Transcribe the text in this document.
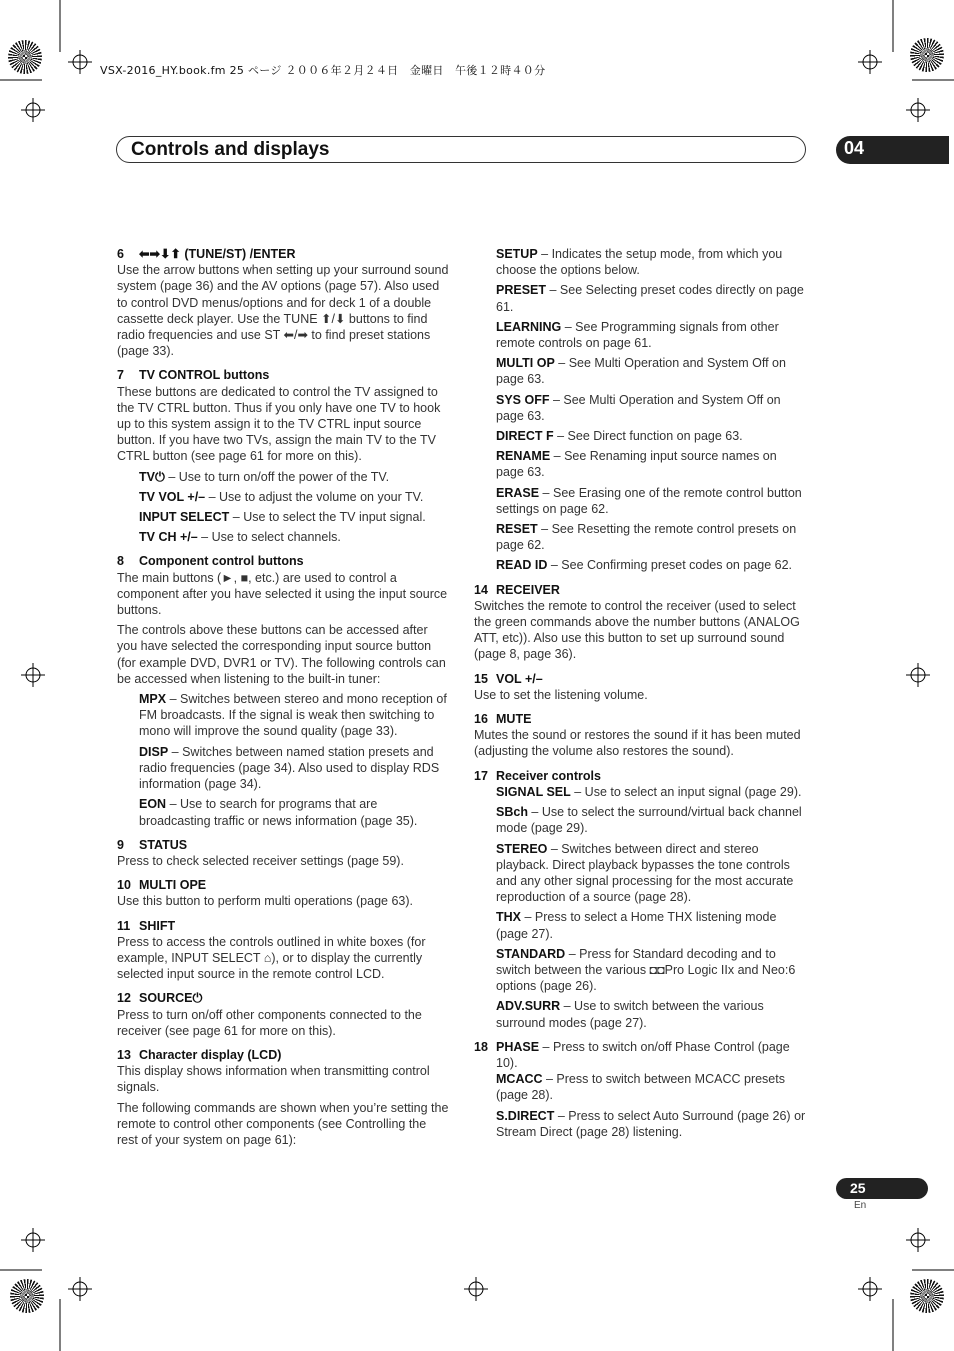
VSX-2016_HY.book.fm 25 ページ ２００６年２月２４日　金曜日　午後１２時４０分
Controls and displays	04
6 ⬅➡⬇⬆ (TUNE/ST) /ENTER

Use the arrow buttons when setting up your surround sound system (page 36) and the AV options (page 57). Also used to control DVD menus/options and for deck 1 of a double cassette deck player. Use the TUNE ⬆/⬇ buttons to find radio frequencies and use ST ⬅/➡ to find preset stations (page 33).

7 TV CONTROL buttons

These buttons are dedicated to control the TV assigned to the TV CTRL button. Thus if you only have one TV to hook up to this system assign it to the TV CTRL input source button. If you have two TVs, assign the main TV to the TV CTRL button (see page 61 for more on this).

TV⏻ – Use to turn on/off the power of the TV.

TV VOL +/– – Use to adjust the volume on your TV.

INPUT SELECT – Use to select the TV input signal.

TV CH +/– – Use to select channels.

8 Component control buttons

The main buttons (►, ■, etc.) are used to control a component after you have selected it using the input source buttons.

The controls above these buttons can be accessed after you have selected the corresponding input source button (for example DVD, DVR1 or TV). The following controls can be accessed when listening to the built-in tuner:

MPX – Switches between stereo and mono reception of FM broadcasts. If the signal is weak then switching to mono will improve the sound quality (page 33).

DISP – Switches between named station presets and radio frequencies (page 34). Also used to display RDS information (page 34).

EON – Use to search for programs that are broadcasting traffic or news information (page 35).

9 STATUS

Press to check selected receiver settings (page 59).

10 MULTI OPE

Use this button to perform multi operations (page 63).

11 SHIFT

Press to access the controls outlined in white boxes (for example, INPUT SELECT ⌂), or to display the currently selected input source in the remote control LCD.

12 SOURCE⏻

Press to turn on/off other components connected to the receiver (see page 61 for more on this).

13 Character display (LCD)

This display shows information when transmitting control signals.

The following commands are shown when you’re setting the remote to control other components (see Controlling the rest of your system on page 61):

SETUP – Indicates the setup mode, from which you choose the options below.

PRESET – See Selecting preset codes directly on page 61.

LEARNING – See Programming signals from other remote controls on page 61.

MULTI OP – See Multi Operation and System Off on page 63.

SYS OFF – See Multi Operation and System Off on page 63.

DIRECT F – See Direct function on page 63.

RENAME – See Renaming input source names on page 63.

ERASE – See Erasing one of the remote control button settings on page 62.

RESET – See Resetting the remote control presets on page 62.

READ ID – See Confirming preset codes on page 62.

14 RECEIVER

Switches the remote to control the receiver (used to select the green commands above the number buttons (ANALOG ATT, etc)). Also use this button to set up surround sound (page 8, page 36).

15 VOL +/–

Use to set the listening volume.

16 MUTE

Mutes the sound or restores the sound if it has been muted (adjusting the volume also restores the sound).

17 Receiver controls

SIGNAL SEL – Use to select an input signal (page 29).

SBch – Use to select the surround/virtual back channel mode (page 29).

STEREO – Switches between direct and stereo playback. Direct playback bypasses the tone controls and any other signal processing for the most accurate reproduction of a source (page 28).

THX – Press to select a Home THX listening mode (page 27).

STANDARD – Press for Standard decoding and to switch between the various ◘◘Pro Logic IIx and Neo:6 options (page 26).

ADV.SURR – Use to switch between the various surround modes (page 27).

18 PHASE – Press to switch on/off Phase Control (page 10).

MCACC – Press to switch between MCACC presets (page 28).

S.DIRECT – Press to select Auto Surround (page 26) or Stream Direct (page 28) listening.

25
En
